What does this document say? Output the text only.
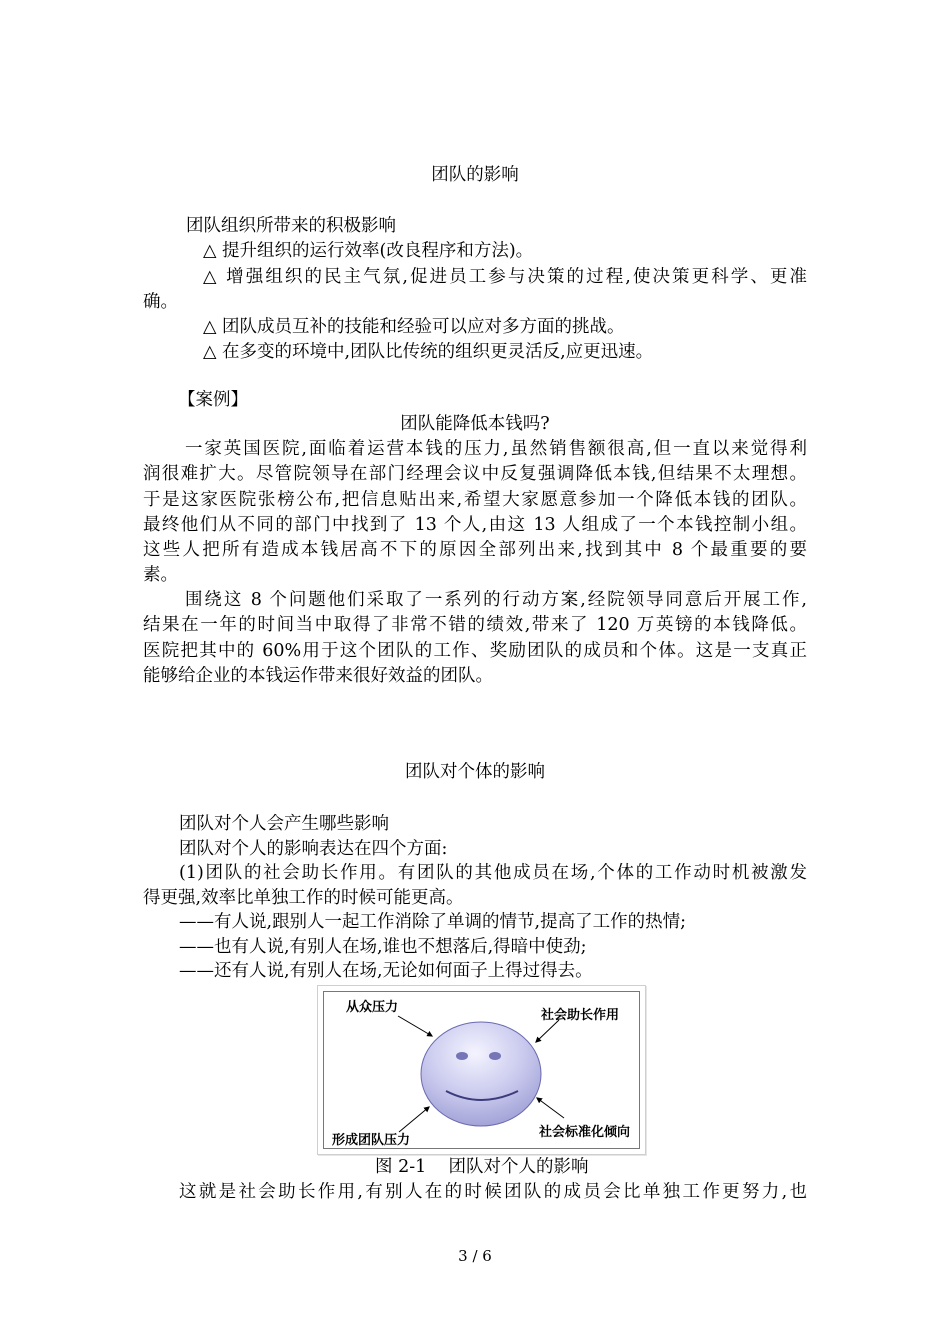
团队的影响
团队组织所带来的积极影响
△ 提升组织的运行效率(改良程序和方法)。
△ 增强组织的民主气氛,促进员工参与决策的过程,使决策更科学、更准
确。
△ 团队成员互补的技能和经验可以应对多方面的挑战。
△ 在多变的环境中,团队比传统的组织更灵活反,应更迅速。
【案例】
团队能降低本钱吗?
一家英国医院,面临着运营本钱的压力,虽然销售额很高,但一直以来觉得利
润很难扩大。尽管院领导在部门经理会议中反复强调降低本钱,但结果不太理想。
于是这家医院张榜公布,把信息贴出来,希望大家愿意参加一个降低本钱的团队。
最终他们从不同的部门中找到了 13 个人,由这 13 人组成了一个本钱控制小组。
这些人把所有造成本钱居高不下的原因全部列出来,找到其中 8 个最重要的要
素。
围绕这 8 个问题他们采取了一系列的行动方案,经院领导同意后开展工作,
结果在一年的时间当中取得了非常不错的绩效,带来了 120 万英镑的本钱降低。
医院把其中的 60%用于这个团队的工作、奖励团队的成员和个体。这是一支真正
能够给企业的本钱运作带来很好效益的团队。
团队对个体的影响
团队对个人会产生哪些影响
团队对个人的影响表达在四个方面:
(1)团队的社会助长作用。有团队的其他成员在场,个体的工作动时机被激发
得更强,效率比单独工作的时候可能更高。
——有人说,跟别人一起工作消除了单调的情节,提高了工作的热情;
——也有人说,有别人在场,谁也不想落后,得暗中使劲;
——还有人说,有别人在场,无论如何面子上得过得去。
从众压力
社会助长作用
形成团队压力
社会标准化倾向
图 2-1    团队对个人的影响
这就是社会助长作用,有别人在的时候团队的成员会比单独工作更努力,也
3 / 6
